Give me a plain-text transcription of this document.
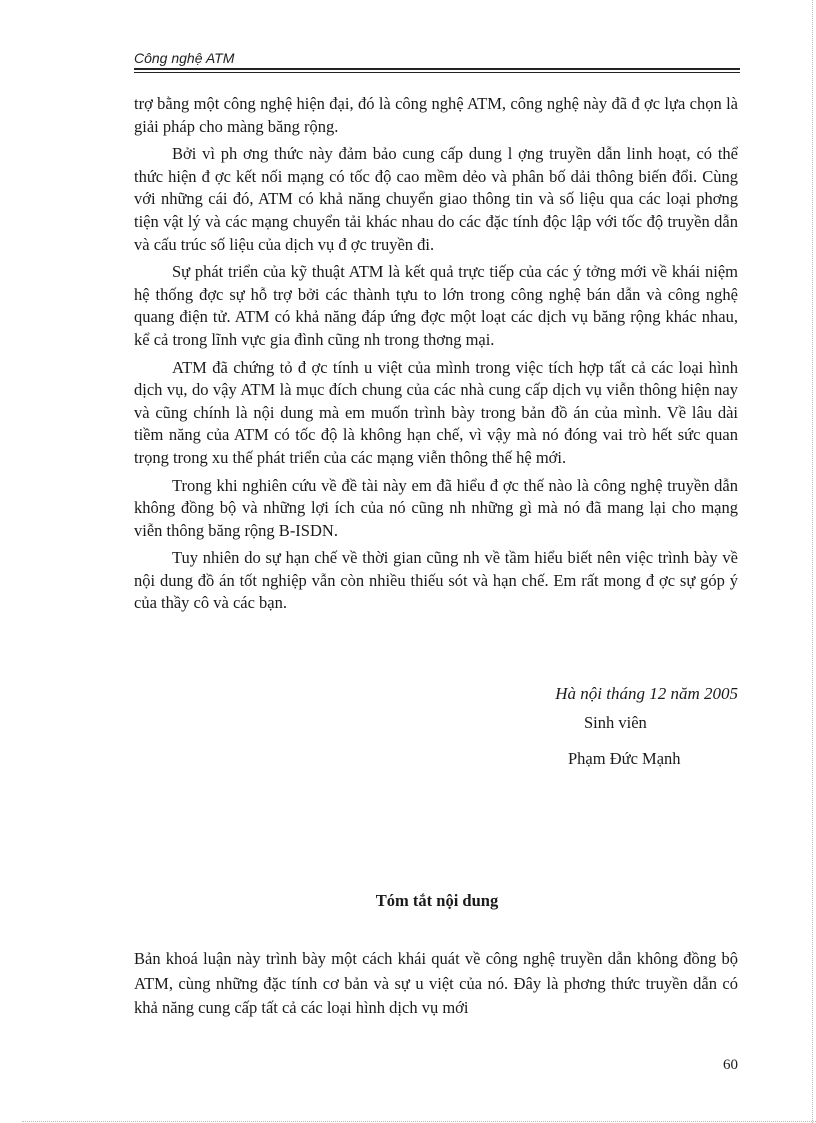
Công nghệ ATM

trợ bằng một công nghệ hiện đại, đó là công nghệ ATM, công nghệ này đã đ ợc lựa chọn là giải pháp cho màng băng rộng.

Bởi vì ph ơng thức này đảm bảo cung cấp dung l ợng truyền dẫn linh hoạt, có thể thức hiện đ ợc kết nối mạng có tốc độ cao mềm dẻo và phân bố dải thông biến đổi. Cùng với những cái đó, ATM có khả năng chuyển giao thông tin và số liệu qua các loại phơng tiện vật lý và các mạng chuyển tải khác nhau do các đặc tính độc lập với tốc độ truyền dẫn và cấu trúc số liệu của dịch vụ đ ợc truyền đi.

Sự phát triển của kỹ thuật ATM là kết quả trực tiếp của các ý tởng mới về khái niệm hệ thống đợc sự hỗ trợ bởi các thành tựu to lớn trong công nghệ bán dẫn và công nghệ quang điện tử. ATM có khả năng đáp ứng đợc một loạt các dịch vụ băng rộng khác nhau, kể cả trong lĩnh vực gia đình cũng nh trong thơng mại.

ATM đã chứng tỏ đ ợc tính u việt của mình trong việc tích hợp tất cả các loại hình dịch vụ, do vậy ATM là mục đích chung của các nhà cung cấp dịch vụ viễn thông hiện nay và cũng chính là nội dung mà em muốn trình bày trong bản đồ án của mình. Về lâu dài tiềm năng của ATM có tốc độ là không hạn chế, vì vậy mà nó đóng vai trò hết sức quan trọng trong xu thế phát triển của các mạng viễn thông thế hệ mới.

Trong khi nghiên cứu về đề tài này em đã hiểu đ ợc thế nào là công nghệ truyền dẫn không đồng bộ và những lợi ích của nó cũng nh những gì mà nó đã mang lại cho mạng viễn thông băng rộng B-ISDN.

Tuy nhiên do sự hạn chế về thời gian cũng nh về tầm hiểu biết nên việc trình bày về nội dung đồ án tốt nghiệp vẫn còn nhiều thiếu sót và hạn chế. Em rất mong đ ợc sự góp ý của thầy cô và các bạn.

Hà nội tháng 12 năm 2005
Sinh viên
Phạm Đức Mạnh
Tóm tắt nội dung
Bản khoá luận này trình bày một cách khái quát về công nghệ truyền dẫn không đồng bộ ATM, cùng những đặc tính cơ bản và sự u việt của nó. Đây là phơng thức truyền dẫn có khả năng cung cấp tất cả các loại hình dịch vụ mới
60
